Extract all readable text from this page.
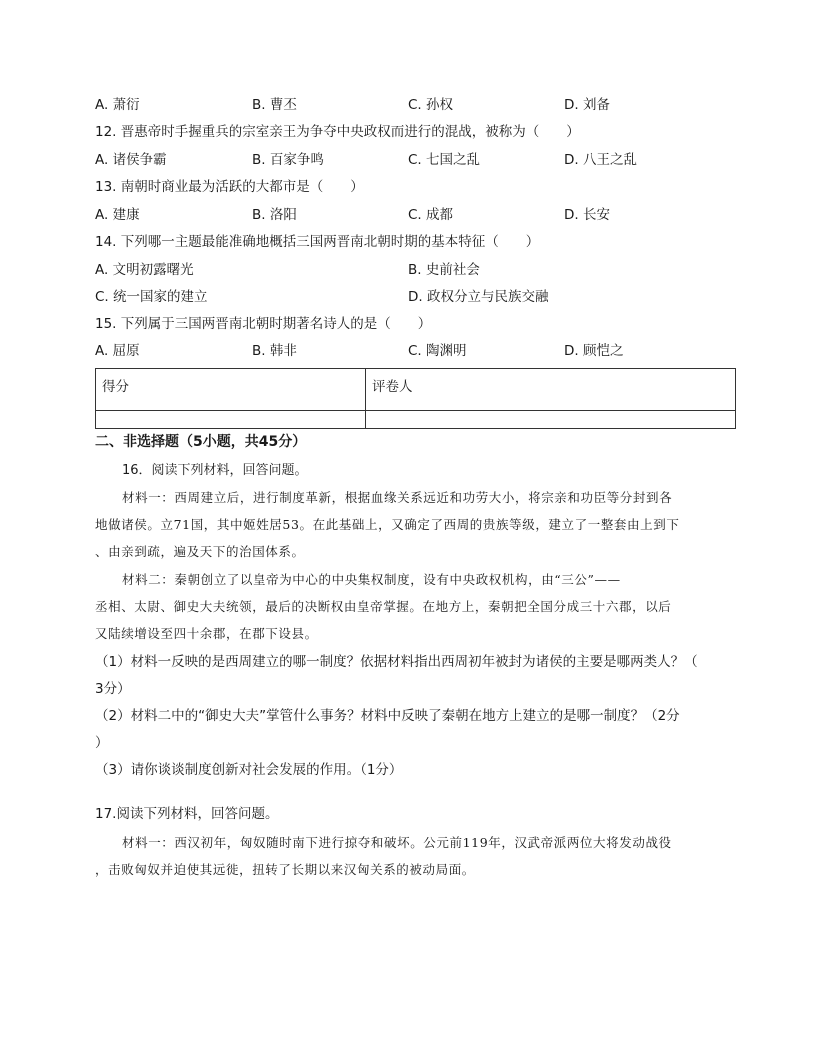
A. 萧衍	B. 曹丕	C. 孙权	D. 刘备
12. 晋惠帝时手握重兵的宗室亲王为争夺中央政权而进行的混战，被称为（　　）
A. 诸侯争霸	B. 百家争鸣	C. 七国之乱	D. 八王之乱
13. 南朝时商业最为活跃的大都市是（　　）
A. 建康	B. 洛阳	C. 成都	D. 长安
14. 下列哪一主题最能准确地概括三国两晋南北朝时期的基本特征（　　）
A. 文明初露曙光	B. 史前社会
C. 统一国家的建立	D. 政权分立与民族交融
15. 下列属于三国两晋南北朝时期著名诗人的是（　　）
A. 屈原	B. 韩非	C. 陶渊明	D. 顾恺之
得分	评卷人

二、非选择题（5小题，共45分）
16．阅读下列材料，回答问题。
材料一：西周建立后，进行制度革新，根据血缘关系远近和功劳大小，将宗亲和功臣等分封到各
地做诸侯。立71国，其中姬姓居53。在此基础上，又确定了西周的贵族等级，建立了一整套由上到下
、由亲到疏，遍及天下的治国体系。
材料二：秦朝创立了以皇帝为中心的中央集权制度，设有中央政权机构，由“三公”——
丞相、太尉、御史大夫统领，最后的决断权由皇帝掌握。在地方上，秦朝把全国分成三十六郡，以后
又陆续增设至四十余郡，在郡下设县。
（1）材料一反映的是西周建立的哪一制度？依据材料指出西周初年被封为诸侯的主要是哪两类人？（
3分）
（2）材料二中的“御史大夫”掌管什么事务？材料中反映了秦朝在地方上建立的是哪一制度？（2分
）
（3）请你谈谈制度创新对社会发展的作用。（1分）
17.阅读下列材料，回答问题。
材料一：西汉初年，匈奴随时南下进行掠夺和破坏。公元前119年，汉武帝派两位大将发动战役
，击败匈奴并迫使其远徙，扭转了长期以来汉匈关系的被动局面。
